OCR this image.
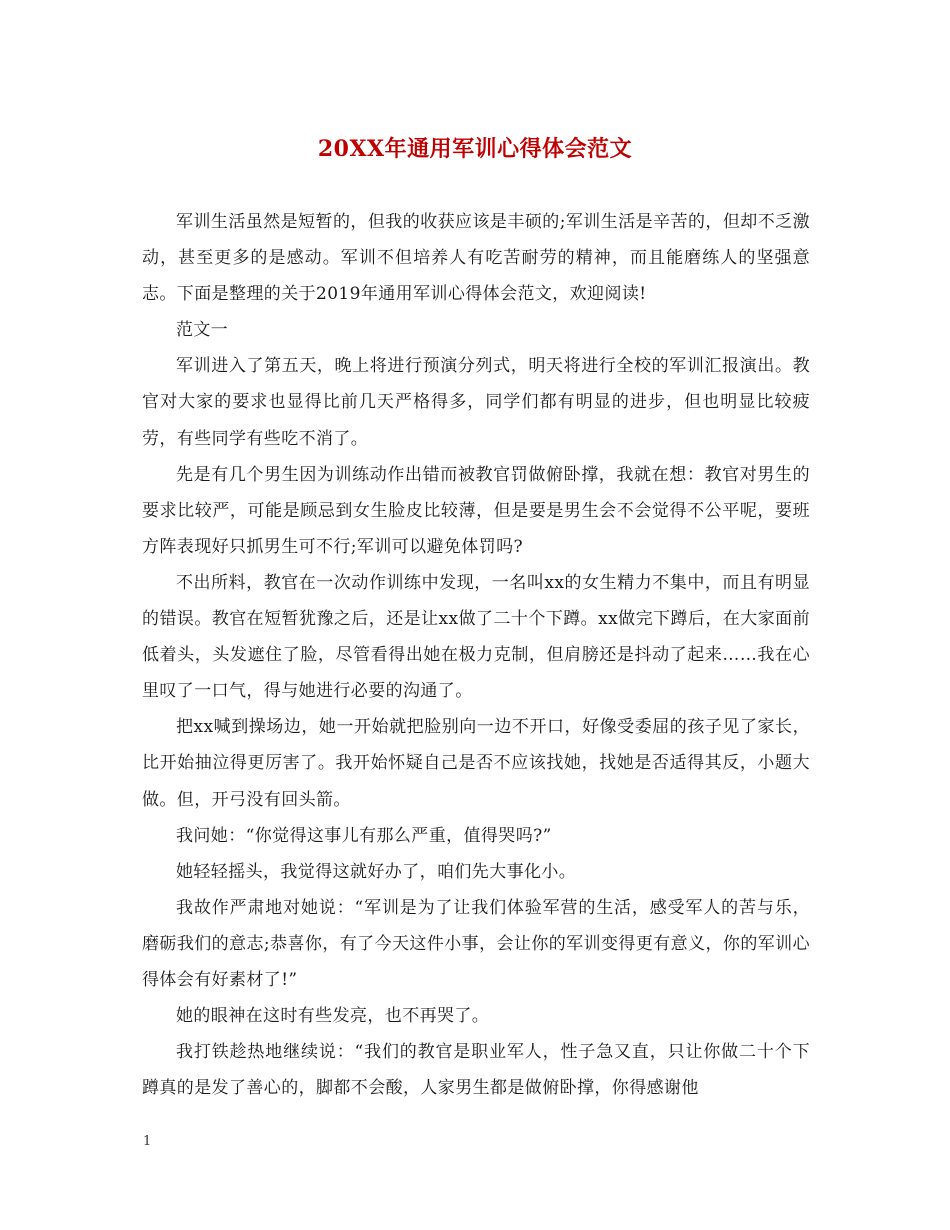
20XX年通用军训心得体会范文

军训生活虽然是短暂的，但我的收获应该是丰硕的;军训生活是辛苦的，但却不乏激动，甚至更多的是感动。军训不但培养人有吃苦耐劳的精神，而且能磨练人的坚强意志。下面是整理的关于2019年通用军训心得体会范文，欢迎阅读!

范文一

军训进入了第五天，晚上将进行预演分列式，明天将进行全校的军训汇报演出。教官对大家的要求也显得比前几天严格得多，同学们都有明显的进步，但也明显比较疲劳，有些同学有些吃不消了。

先是有几个男生因为训练动作出错而被教官罚做俯卧撑，我就在想：教官对男生的要求比较严，可能是顾忌到女生脸皮比较薄，但是要是男生会不会觉得不公平呢，要班方阵表现好只抓男生可不行;军训可以避免体罚吗?

不出所料，教官在一次动作训练中发现，一名叫xx的女生精力不集中，而且有明显的错误。教官在短暂犹豫之后，还是让xx做了二十个下蹲。xx做完下蹲后，在大家面前低着头，头发遮住了脸，尽管看得出她在极力克制，但肩膀还是抖动了起来……我在心里叹了一口气，得与她进行必要的沟通了。

把xx喊到操场边，她一开始就把脸别向一边不开口，好像受委屈的孩子见了家长，比开始抽泣得更厉害了。我开始怀疑自己是否不应该找她，找她是否适得其反，小题大做。但，开弓没有回头箭。

我问她：“你觉得这事儿有那么严重，值得哭吗?”

她轻轻摇头，我觉得这就好办了，咱们先大事化小。

我故作严肃地对她说：“军训是为了让我们体验军营的生活，感受军人的苦与乐，磨砺我们的意志;恭喜你，有了今天这件小事，会让你的军训变得更有意义，你的军训心得体会有好素材了!”

她的眼神在这时有些发亮，也不再哭了。

我打铁趁热地继续说：“我们的教官是职业军人，性子急又直，只让你做二十个下蹲真的是发了善心的，脚都不会酸，人家男生都是做俯卧撑，你得感谢他

1
